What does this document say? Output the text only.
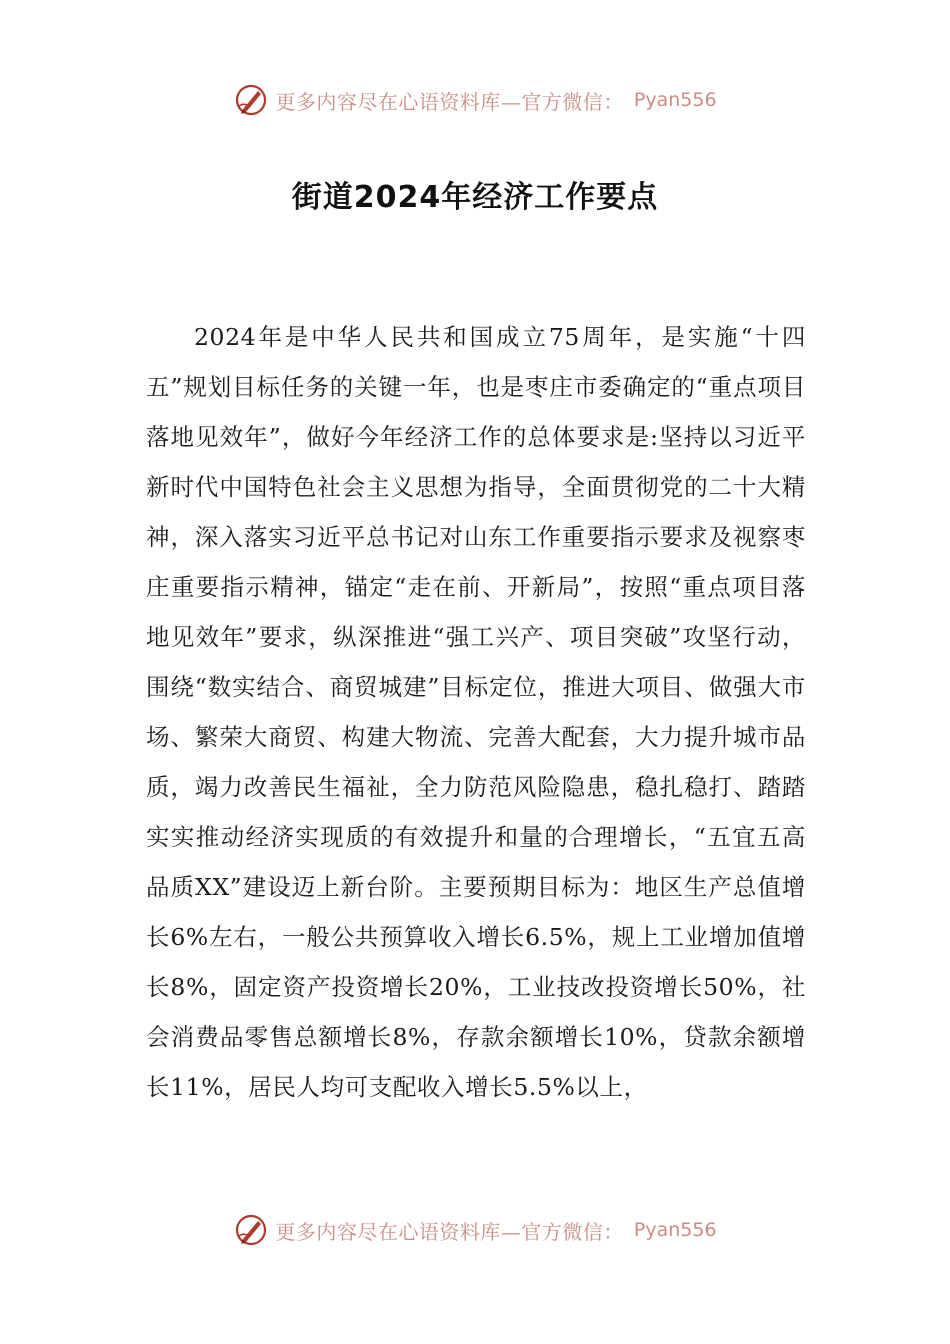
更多内容尽在心语资料库—官方微信： Pyan556
街道2024年经济工作要点

2024年是中华人民共和国成立75周年，是实施“十四五”规划目标任务的关键一年，也是枣庄市委确定的“重点项目落地见效年”，做好今年经济工作的总体要求是:坚持以习近平新时代中国特色社会主义思想为指导，全面贯彻党的二十大精神，深入落实习近平总书记对山东工作重要指示要求及视察枣庄重要指示精神，锚定“走在前、开新局”，按照“重点项目落地见效年”要求，纵深推进“强工兴产、项目突破”攻坚行动，围绕“数实结合、商贸城建”目标定位，推进大项目、做强大市场、繁荣大商贸、构建大物流、完善大配套，大力提升城市品质，竭力改善民生福祉，全力防范风险隐患，稳扎稳打、踏踏实实推动经济实现质的有效提升和量的合理增长，“五宜五高品质XX”建设迈上新台阶。主要预期目标为：地区生产总值增长6%左右，一般公共预算收入增长6.5%，规上工业增加值增长8%，固定资产投资增长20%，工业技改投资增长50%，社会消费品零售总额增长8%，存款余额增长10%，贷款余额增长11%，居民人均可支配收入增长5.5%以上，

更多内容尽在心语资料库—官方微信： Pyan556
